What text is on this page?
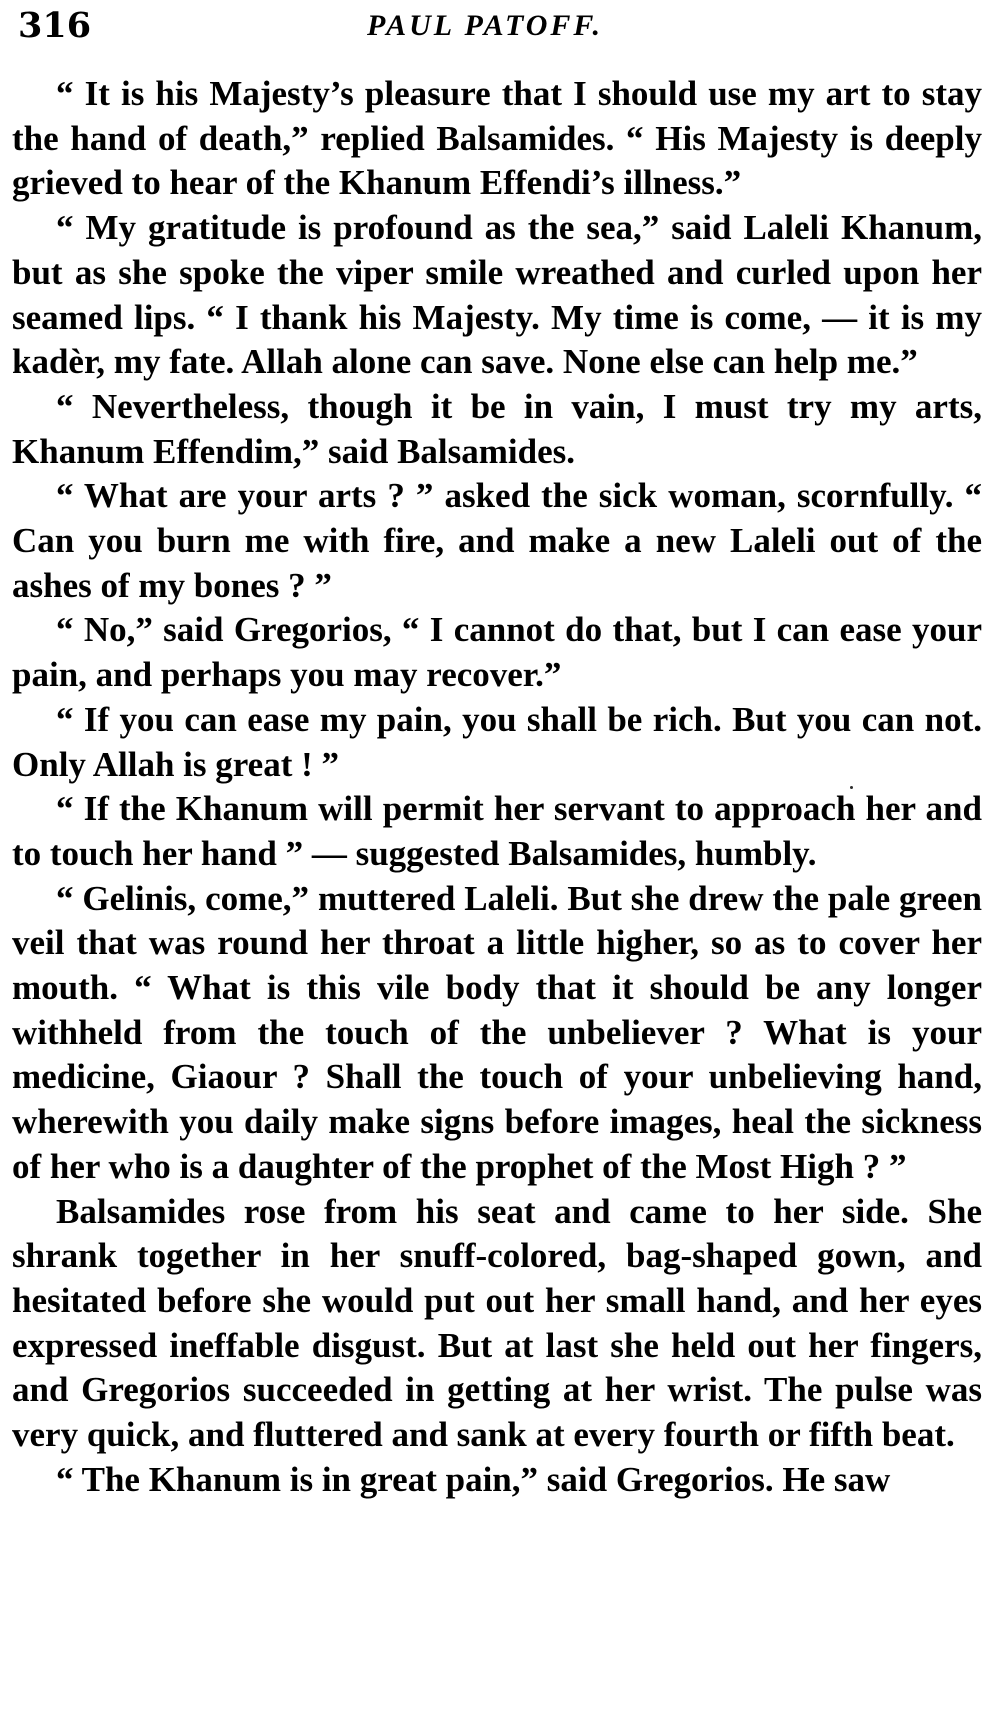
316	PAUL PATOFF.

“ It is his Majesty’s pleasure that I should use my art to stay the hand of death,” replied Balsamides. “ His Majesty is deeply grieved to hear of the Khanum Effendi’s illness.”

“ My gratitude is profound as the sea,” said Laleli Khanum, but as she spoke the viper smile wreathed and curled upon her seamed lips. “ I thank his Majesty. My time is come, — it is my kadèr, my fate. Allah alone can save. None else can help me.”

“ Nevertheless, though it be in vain, I must try my arts, Khanum Effendim,” said Balsamides.

“ What are your arts ? ” asked the sick woman, scornfully. “ Can you burn me with fire, and make a new Laleli out of the ashes of my bones ? ”

“ No,” said Gregorios, “ I cannot do that, but I can ease your pain, and perhaps you may recover.”

“ If you can ease my pain, you shall be rich. But you can not. Only Allah is great ! ”

“ If the Khanum will permit her servant to approach her and to touch her hand ” — suggested Balsamides, humbly.

“ Gelinis, come,” muttered Laleli. But she drew the pale green veil that was round her throat a little higher, so as to cover her mouth. “ What is this vile body that it should be any longer withheld from the touch of the unbeliever ? What is your medicine, Giaour ? Shall the touch of your unbelieving hand, wherewith you daily make signs before images, heal the sickness of her who is a daughter of the prophet of the Most High ? ”

Balsamides rose from his seat and came to her side. She shrank together in her snuff-colored, bag-shaped gown, and hesitated before she would put out her small hand, and her eyes expressed ineffable disgust. But at last she held out her fingers, and Gregorios succeeded in getting at her wrist. The pulse was very quick, and fluttered and sank at every fourth or fifth beat.

“ The Khanum is in great pain,” said Gregorios. He saw
